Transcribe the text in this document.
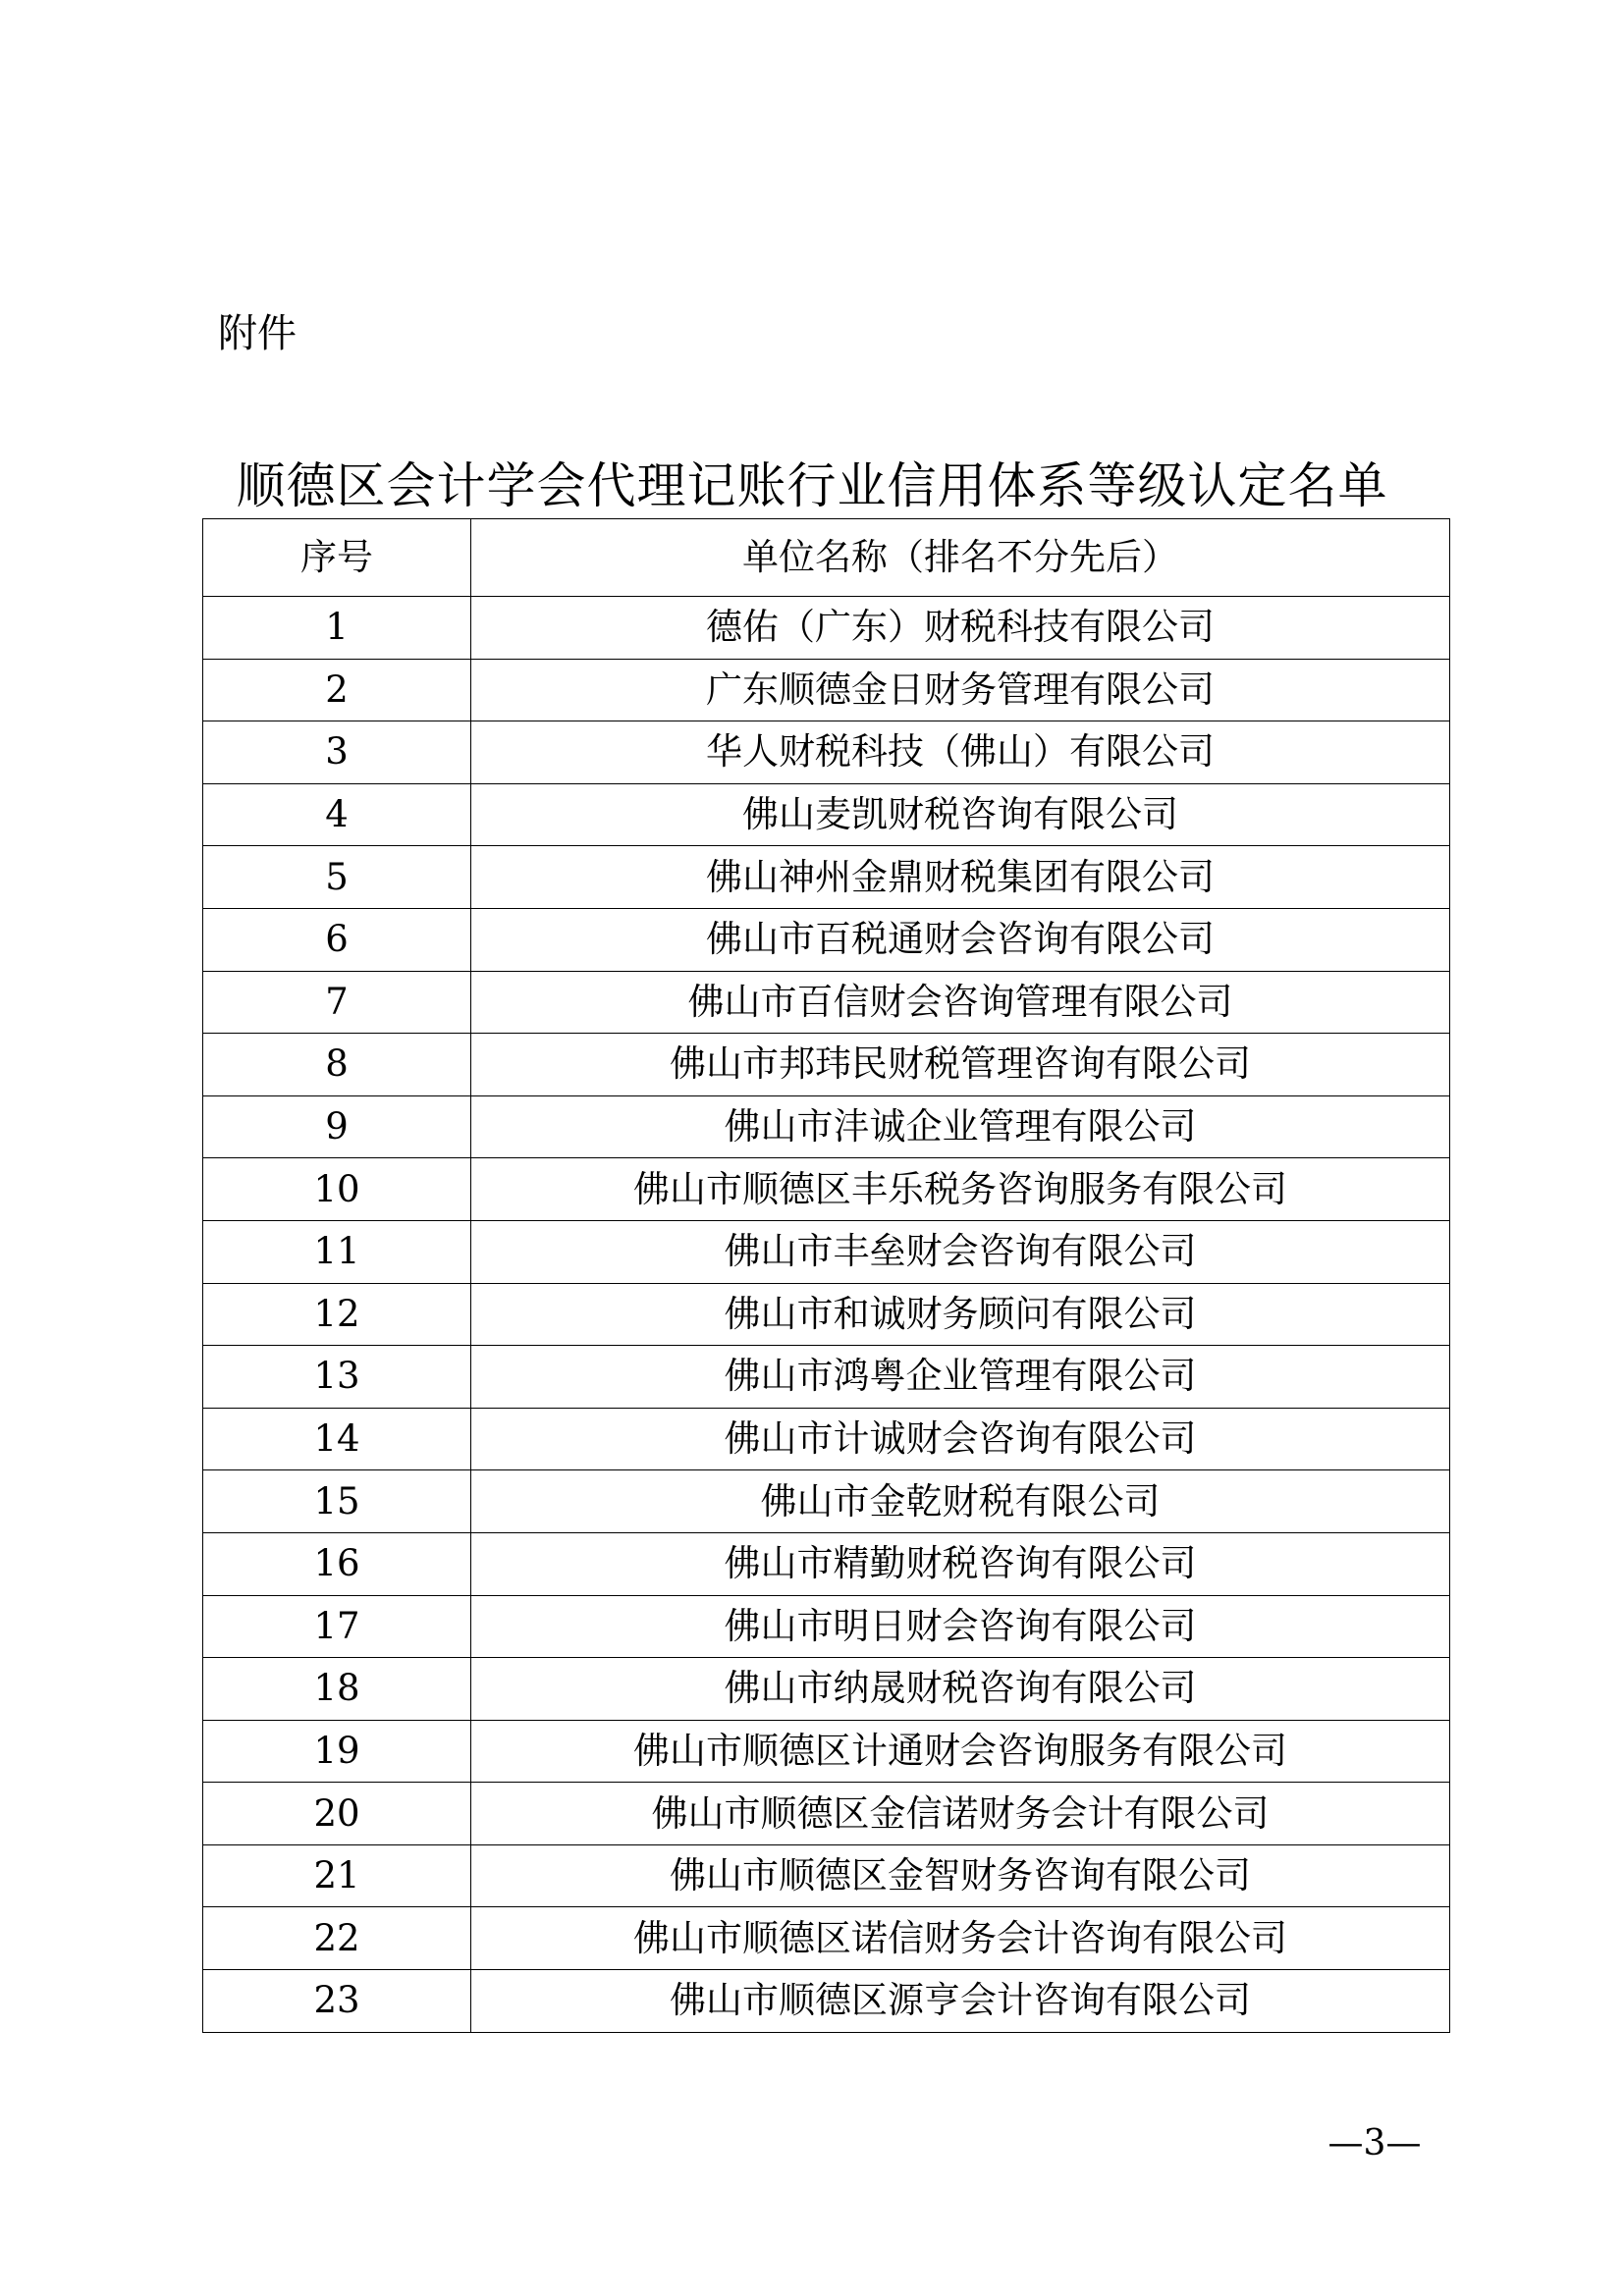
附件
顺德区会计学会代理记账行业信用体系等级认定名单
序号	单位名称（排名不分先后）
1	德佑（广东）财税科技有限公司
2	广东顺德金日财务管理有限公司
3	华人财税科技（佛山）有限公司
4	佛山麦凯财税咨询有限公司
5	佛山神州金鼎财税集团有限公司
6	佛山市百税通财会咨询有限公司
7	佛山市百信财会咨询管理有限公司
8	佛山市邦玮民财税管理咨询有限公司
9	佛山市沣诚企业管理有限公司
10	佛山市顺德区丰乐税务咨询服务有限公司
11	佛山市丰垒财会咨询有限公司
12	佛山市和诚财务顾问有限公司
13	佛山市鸿粤企业管理有限公司
14	佛山市计诚财会咨询有限公司
15	佛山市金乾财税有限公司
16	佛山市精勤财税咨询有限公司
17	佛山市明日财会咨询有限公司
18	佛山市纳晟财税咨询有限公司
19	佛山市顺德区计通财会咨询服务有限公司
20	佛山市顺德区金信诺财务会计有限公司
21	佛山市顺德区金智财务咨询有限公司
22	佛山市顺德区诺信财务会计咨询有限公司
23	佛山市顺德区源亨会计咨询有限公司
—3—
